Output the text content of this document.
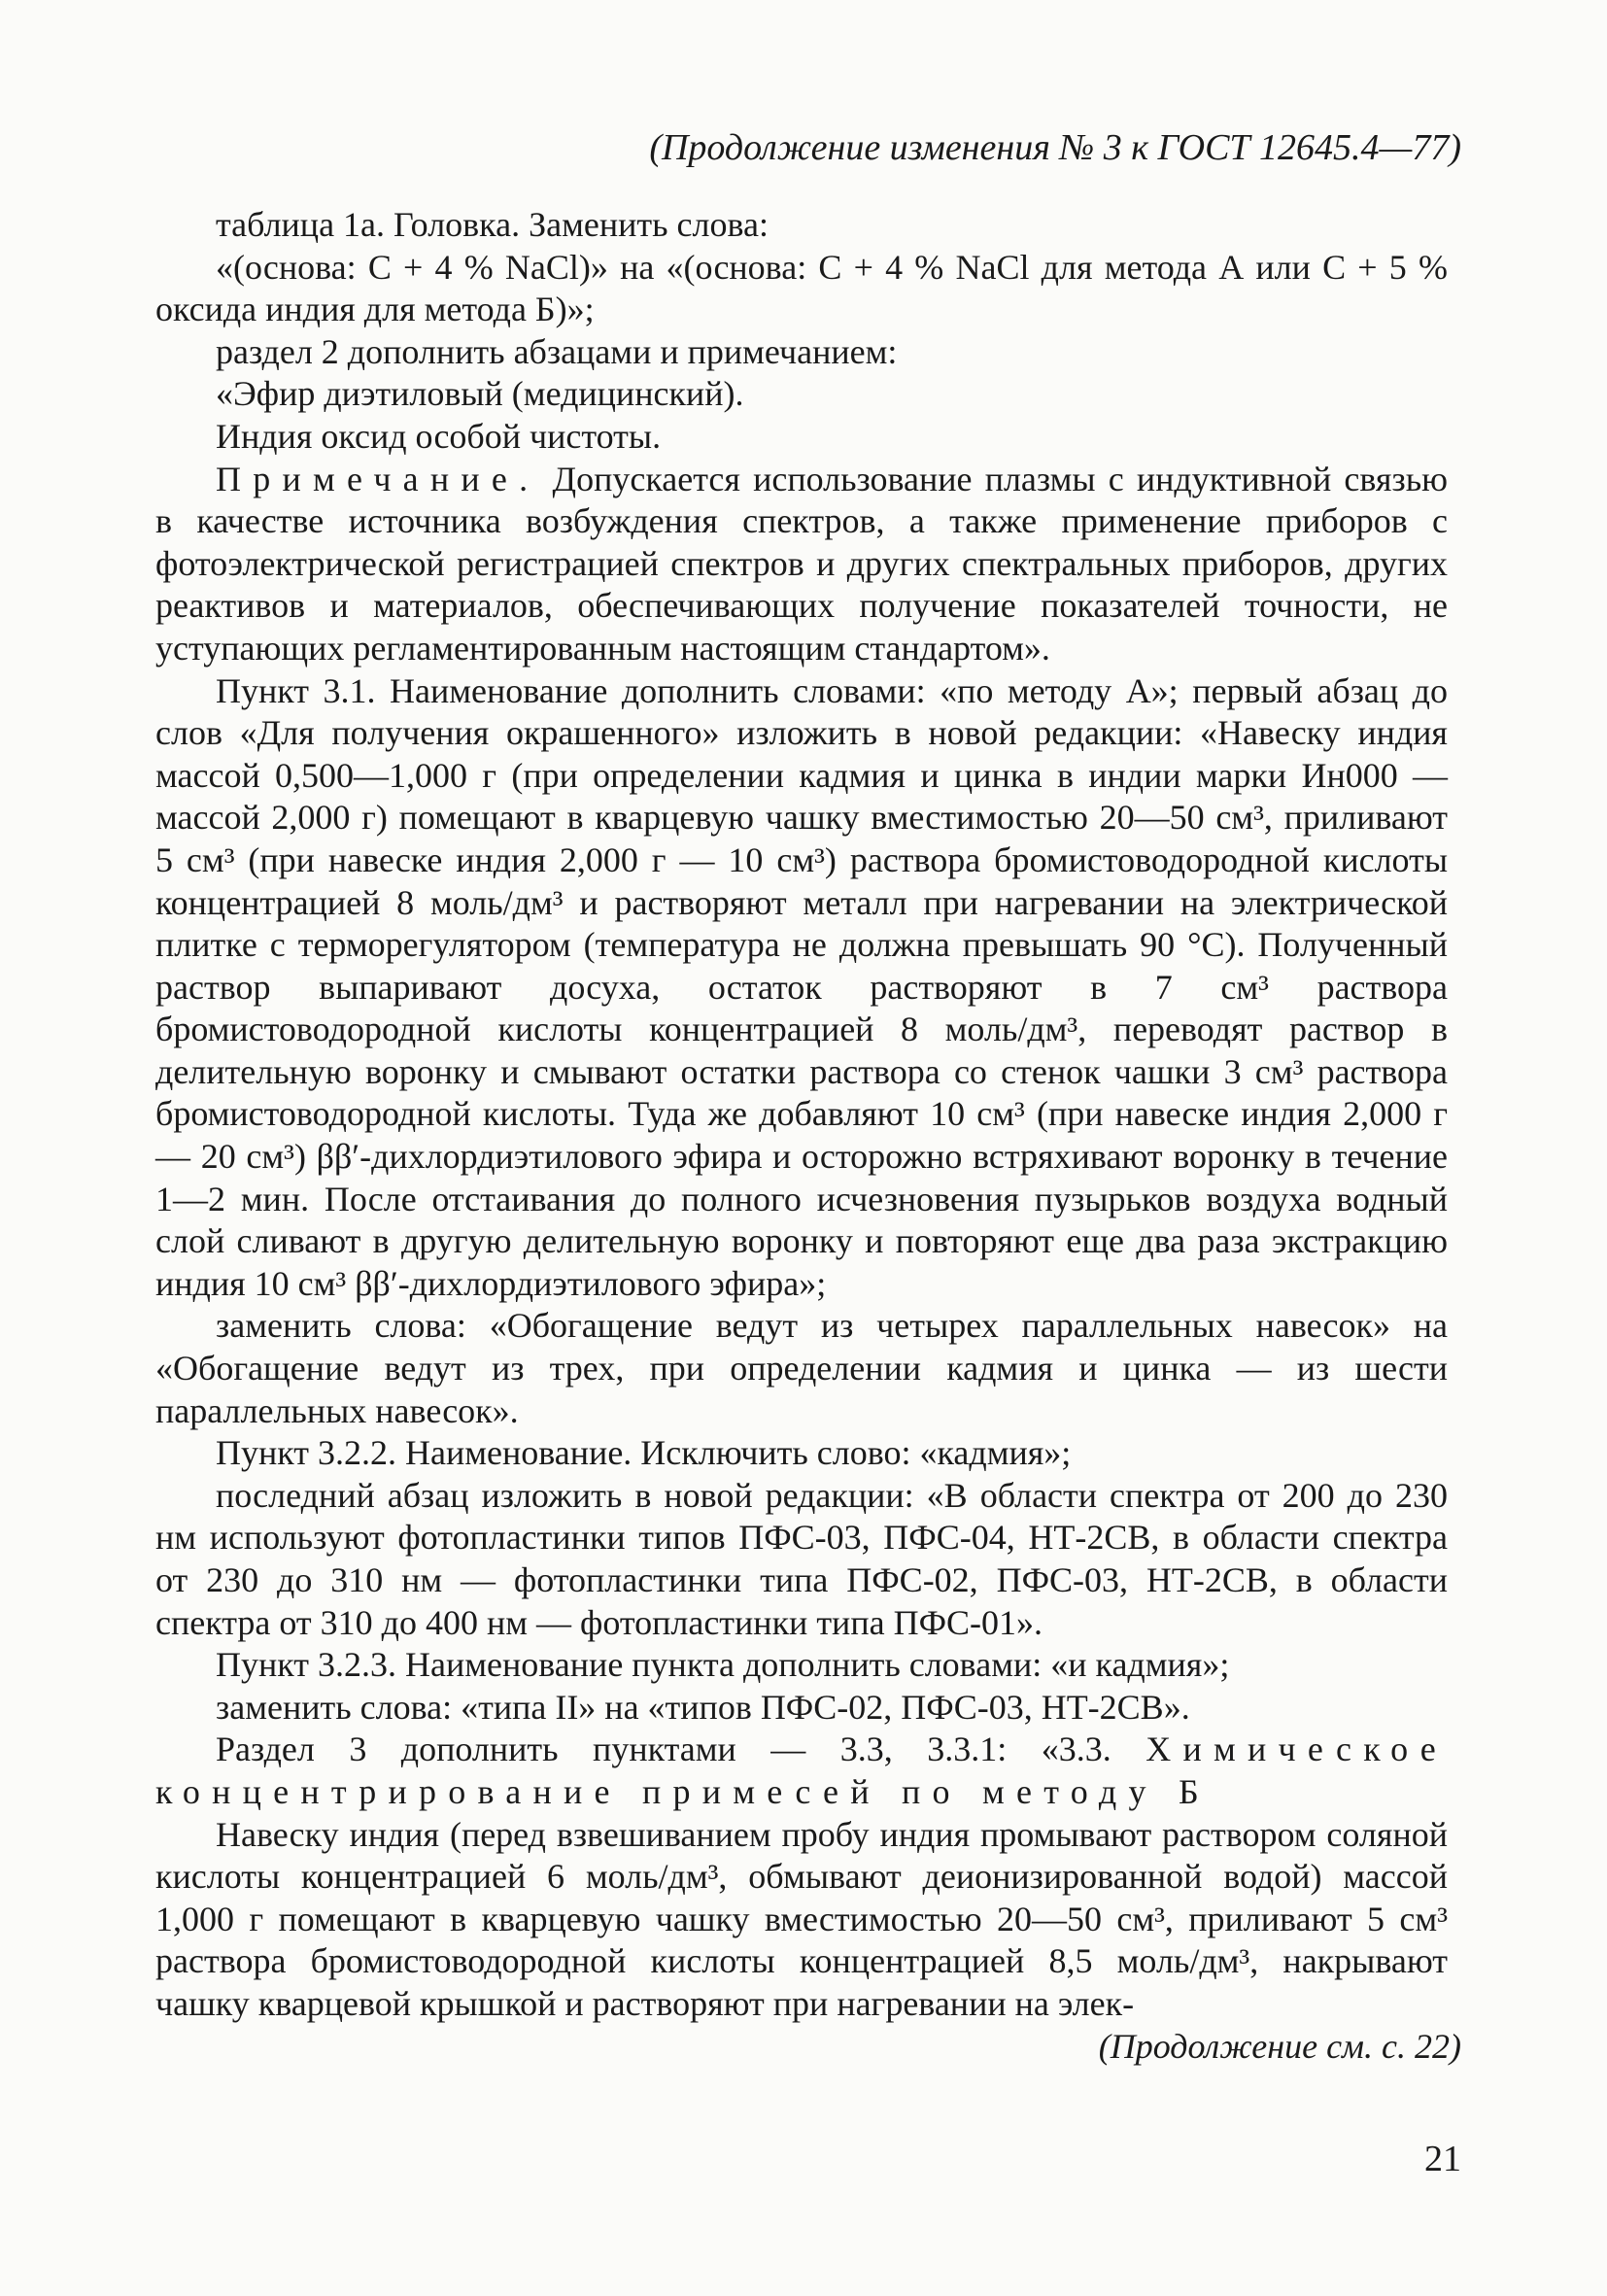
(Продолжение изменения № 3 к ГОСТ 12645.4—77)

таблица 1а. Головка. Заменить слова:

«(основа: С + 4 % NaCl)» на «(основа: С + 4 % NaCl для метода А или С + 5 % оксида индия для метода Б)»;

раздел 2 дополнить абзацами и примечанием:

«Эфир диэтиловый (медицинский).

Индия оксид особой чистоты.

Примечание. Допускается использование плазмы с индуктивной связью в качестве источника возбуждения спектров, а также применение приборов с фотоэлектрической регистрацией спектров и других спектральных приборов, других реактивов и материалов, обеспечивающих получение показателей точности, не уступающих регламентированным настоящим стандартом».

Пункт 3.1. Наименование дополнить словами: «по методу А»; первый абзац до слов «Для получения окрашенного» изложить в новой редакции: «Навеску индия массой 0,500—1,000 г (при определении кадмия и цинка в индии марки Ин000 — массой 2,000 г) помещают в кварцевую чашку вместимостью 20—50 см³, приливают 5 см³ (при навеске индия 2,000 г — 10 см³) раствора бромистоводородной кислоты концентрацией 8 моль/дм³ и растворяют металл при нагревании на электрической плитке с терморегулятором (температура не должна превышать 90 °С). Полученный раствор выпаривают досуха, остаток растворяют в 7 см³ раствора бромистоводородной кислоты концентрацией 8 моль/дм³, переводят раствор в делительную воронку и смывают остатки раствора со стенок чашки 3 см³ раствора бромистоводородной кислоты. Туда же добавляют 10 см³ (при навеске индия 2,000 г — 20 см³) ββ′-дихлордиэтилового эфира и осторожно встряхивают воронку в течение 1—2 мин. После отстаивания до полного исчезновения пузырьков воздуха водный слой сливают в другую делительную воронку и повторяют еще два раза экстракцию индия 10 см³ ββ′-дихлордиэтилового эфира»;

заменить слова: «Обогащение ведут из четырех параллельных навесок» на «Обогащение ведут из трех, при определении кадмия и цинка — из шести параллельных навесок».

Пункт 3.2.2. Наименование. Исключить слово: «кадмия»;

последний абзац изложить в новой редакции: «В области спектра от 200 до 230 нм используют фотопластинки типов ПФС-03, ПФС-04, НТ-2СВ, в области спектра от 230 до 310 нм — фотопластинки типа ПФС-02, ПФС-03, НТ-2СВ, в области спектра от 310 до 400 нм — фотопластинки типа ПФС-01».

Пункт 3.2.3. Наименование пункта дополнить словами: «и кадмия»;

заменить слова: «типа II» на «типов ПФС-02, ПФС-03, НТ-2СВ».

Раздел 3 дополнить пунктами — 3.3, 3.3.1: «3.3. Химическое концентрирование примесей по методу Б

Навеску индия (перед взвешиванием пробу индия промывают раствором соляной кислоты концентрацией 6 моль/дм³, обмывают деионизированной водой) массой 1,000 г помещают в кварцевую чашку вместимостью 20—50 см³, приливают 5 см³ раствора бромистоводородной кислоты концентрацией 8,5 моль/дм³, накрывают чашку кварцевой крышкой и растворяют при нагревании на элек-

(Продолжение см. с. 22)
21
